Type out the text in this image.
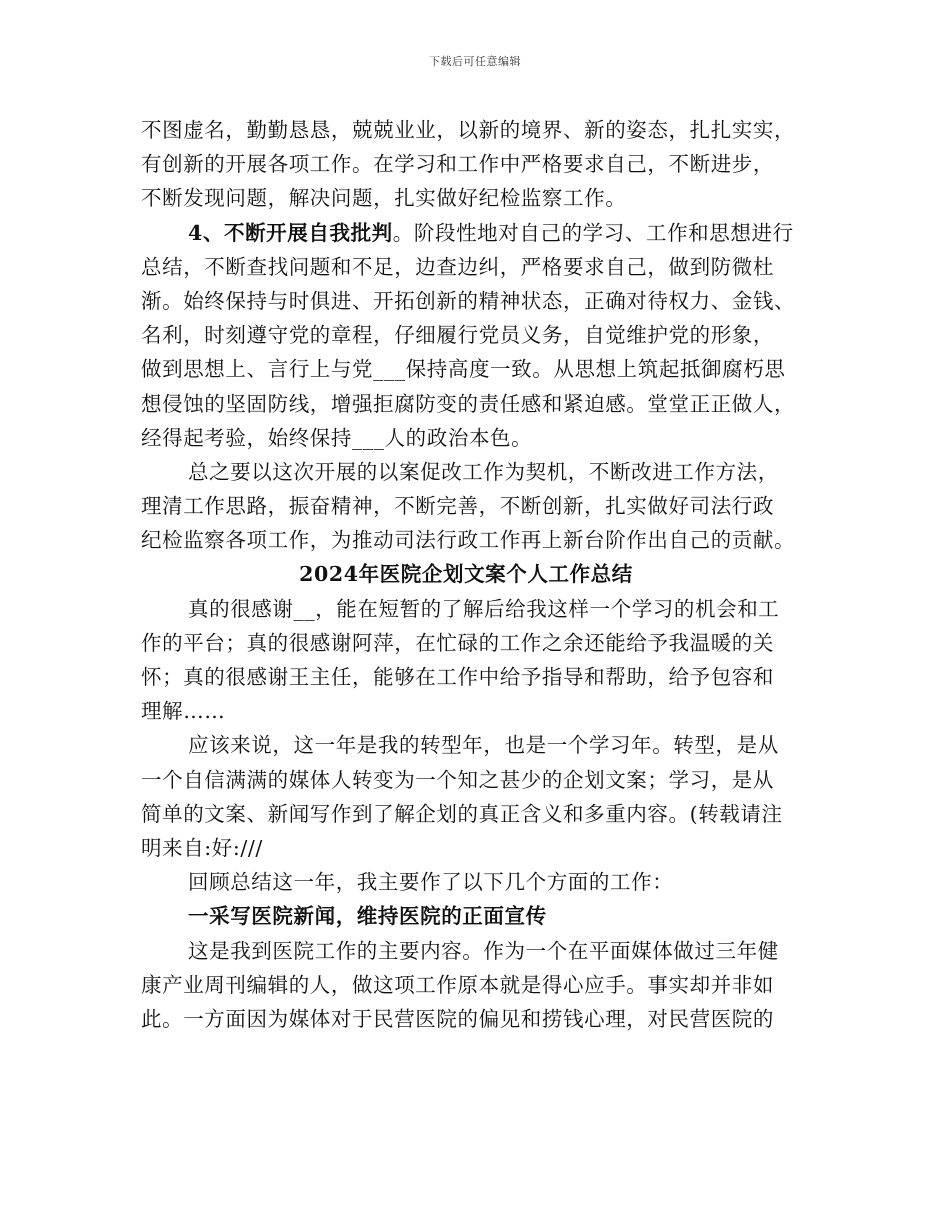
下载后可任意编辑
不图虚名，勤勤恳恳，兢兢业业，以新的境界、新的姿态，扎扎实实，
有创新的开展各项工作。在学习和工作中严格要求自己，不断进步，
不断发现问题，解决问题，扎实做好纪检监察工作。
4、不断开展自我批判。阶段性地对自己的学习、工作和思想进行
总结，不断查找问题和不足，边查边纠，严格要求自己，做到防微杜
渐。始终保持与时俱进、开拓创新的精神状态，正确对待权力、金钱、
名利，时刻遵守党的章程，仔细履行党员义务，自觉维护党的形象，
做到思想上、言行上与党___保持高度一致。从思想上筑起抵御腐朽思
想侵蚀的坚固防线，增强拒腐防变的责任感和紧迫感。堂堂正正做人，
经得起考验，始终保持___人的政治本色。
总之要以这次开展的以案促改工作为契机，不断改进工作方法，
理清工作思路，振奋精神，不断完善，不断创新，扎实做好司法行政
纪检监察各项工作，为推动司法行政工作再上新台阶作出自己的贡献。
2024年医院企划文案个人工作总结
真的很感谢__，能在短暂的了解后给我这样一个学习的机会和工
作的平台；真的很感谢阿萍，在忙碌的工作之余还能给予我温暖的关
怀；真的很感谢王主任，能够在工作中给予指导和帮助，给予包容和
理解……
应该来说，这一年是我的转型年，也是一个学习年。转型，是从
一个自信满满的媒体人转变为一个知之甚少的企划文案；学习，是从
简单的文案、新闻写作到了解企划的真正含义和多重内容。(转载请注
明来自:好:///
回顾总结这一年，我主要作了以下几个方面的工作：
一采写医院新闻，维持医院的正面宣传
这是我到医院工作的主要内容。作为一个在平面媒体做过三年健
康产业周刊编辑的人，做这项工作原本就是得心应手。事实却并非如
此。一方面因为媒体对于民营医院的偏见和捞钱心理，对民营医院的
